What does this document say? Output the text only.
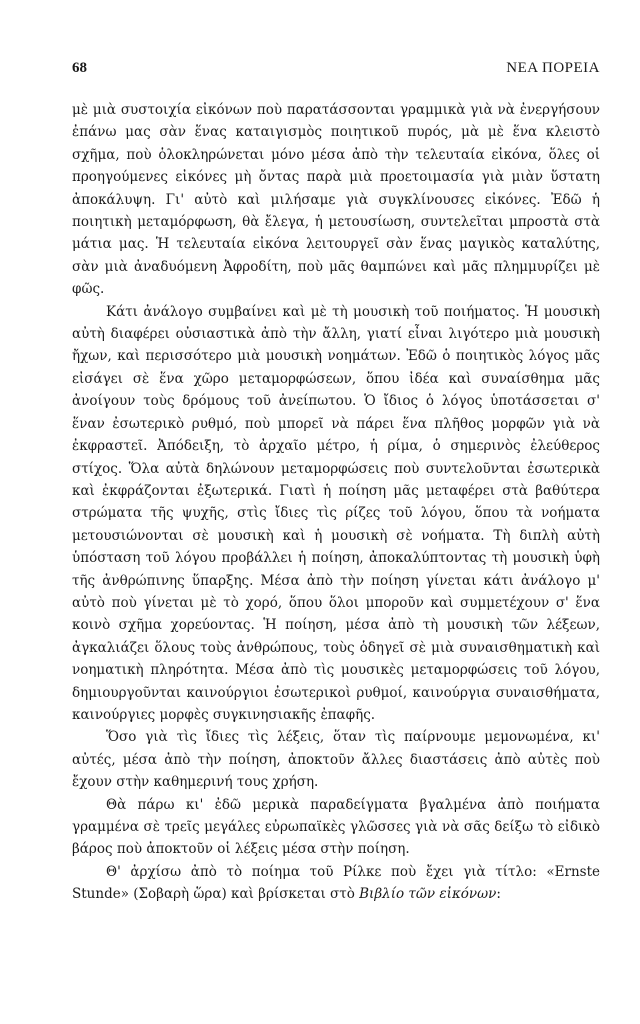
68	ΝΕΑ ΠΟΡΕΙΑ

μὲ μιὰ συστοιχία εἰκόνων ποὺ παρατάσσονται γραμμικὰ γιὰ νὰ ἐνεργήσουν ἐπάνω μας σὰν ἕνας καταιγισμὸς ποιητικοῦ πυρός, μὰ μὲ ἕνα κλειστὸ σχῆμα, ποὺ ὁλοκληρώνεται μόνο μέσα ἀπὸ τὴν τελευταία εἰκόνα, ὅλες οἱ προηγούμενες εἰκόνες μὴ ὄντας παρὰ μιὰ προετοιμασία γιὰ μιὰν ὕστατη ἀποκάλυψη. Γι' αὐτὸ καὶ μιλήσαμε γιὰ συγκλίνουσες εἰκόνες. Ἐδῶ ἡ ποιητικὴ μεταμόρφωση, θὰ ἔλεγα, ἡ μετουσίωση, συντελεῖται μπροστὰ στὰ μάτια μας. Ἡ τελευταία εἰκόνα λειτουργεῖ σὰν ἕνας μαγικὸς καταλύτης, σὰν μιὰ ἀναδυόμενη Ἀφροδίτη, ποὺ μᾶς θαμπώνει καὶ μᾶς πλημμυρίζει μὲ φῶς.

Κάτι ἀνάλογο συμβαίνει καὶ μὲ τὴ μουσικὴ τοῦ ποιήματος. Ἡ μουσικὴ αὐτὴ διαφέρει οὐσιαστικὰ ἀπὸ τὴν ἄλλη, γιατί εἶναι λιγότερο μιὰ μουσικὴ ἤχων, καὶ περισσότερο μιὰ μουσικὴ νοημάτων. Ἐδῶ ὁ ποιητικὸς λόγος μᾶς εἰσάγει σὲ ἕνα χῶρο μεταμορφώσεων, ὅπου ἰδέα καὶ συναίσθημα μᾶς ἀνοίγουν τοὺς δρόμους τοῦ ἀνείπωτου. Ὁ ἴδιος ὁ λόγος ὑποτάσσεται σ' ἕναν ἐσωτερικὸ ρυθμό, ποὺ μπορεῖ νὰ πάρει ἕνα πλῆθος μορφῶν γιὰ νὰ ἐκφραστεῖ. Ἀπόδειξη, τὸ ἀρχαῖο μέτρο, ἡ ρίμα, ὁ σημερινὸς ἐλεύθερος στίχος. Ὅλα αὐτὰ δηλώνουν μεταμορφώσεις ποὺ συντελοῦνται ἐσωτερικὰ καὶ ἐκφράζονται ἐξωτερικά. Γιατὶ ἡ ποίηση μᾶς μεταφέρει στὰ βαθύτερα στρώματα τῆς ψυχῆς, στὶς ἴδιες τὶς ρίζες τοῦ λόγου, ὅπου τὰ νοήματα μετουσιώνονται σὲ μουσικὴ καὶ ἡ μουσικὴ σὲ νοήματα. Τὴ διπλὴ αὐτὴ ὑπόσταση τοῦ λόγου προβάλλει ἡ ποίηση, ἀποκαλύπτοντας τὴ μουσικὴ ὑφὴ τῆς ἀνθρώπινης ὕπαρξης. Μέσα ἀπὸ τὴν ποίηση γίνεται κάτι ἀνάλογο μ' αὐτὸ ποὺ γίνεται μὲ τὸ χορό, ὅπου ὅλοι μποροῦν καὶ συμμετέχουν σ' ἕνα κοινὸ σχῆμα χορεύοντας. Ἡ ποίηση, μέσα ἀπὸ τὴ μουσικὴ τῶν λέξεων, ἀγκαλιάζει ὅλους τοὺς ἀνθρώπους, τοὺς ὁδηγεῖ σὲ μιὰ συναισθηματικὴ καὶ νοηματικὴ πληρότητα. Μέσα ἀπὸ τὶς μουσικὲς μεταμορφώσεις τοῦ λόγου, δημιουργοῦνται καινούργιοι ἐσωτερικοὶ ρυθμοί, καινούργια συναισθήματα, καινούργιες μορφὲς συγκινησιακῆς ἐπαφῆς.

Ὅσο γιὰ τὶς ἴδιες τὶς λέξεις, ὅταν τὶς παίρνουμε μεμονωμένα, κι' αὐτές, μέσα ἀπὸ τὴν ποίηση, ἀποκτοῦν ἄλλες διαστάσεις ἀπὸ αὐτὲς ποὺ ἔχουν στὴν καθημερινή τους χρήση.

Θὰ πάρω κι' ἐδῶ μερικὰ παραδείγματα βγαλμένα ἀπὸ ποιήματα γραμμένα σὲ τρεῖς μεγάλες εὐρωπαϊκὲς γλῶσσες γιὰ νὰ σᾶς δείξω τὸ εἰδικὸ βάρος ποὺ ἀποκτοῦν οἱ λέξεις μέσα στὴν ποίηση.

Θ' ἀρχίσω ἀπὸ τὸ ποίημα τοῦ Ρίλκε ποὺ ἔχει γιὰ τίτλο: «Ernste Stunde» (Σοβαρὴ ὥρα) καὶ βρίσκεται στὸ Βιβλίο τῶν εἰκόνων:
